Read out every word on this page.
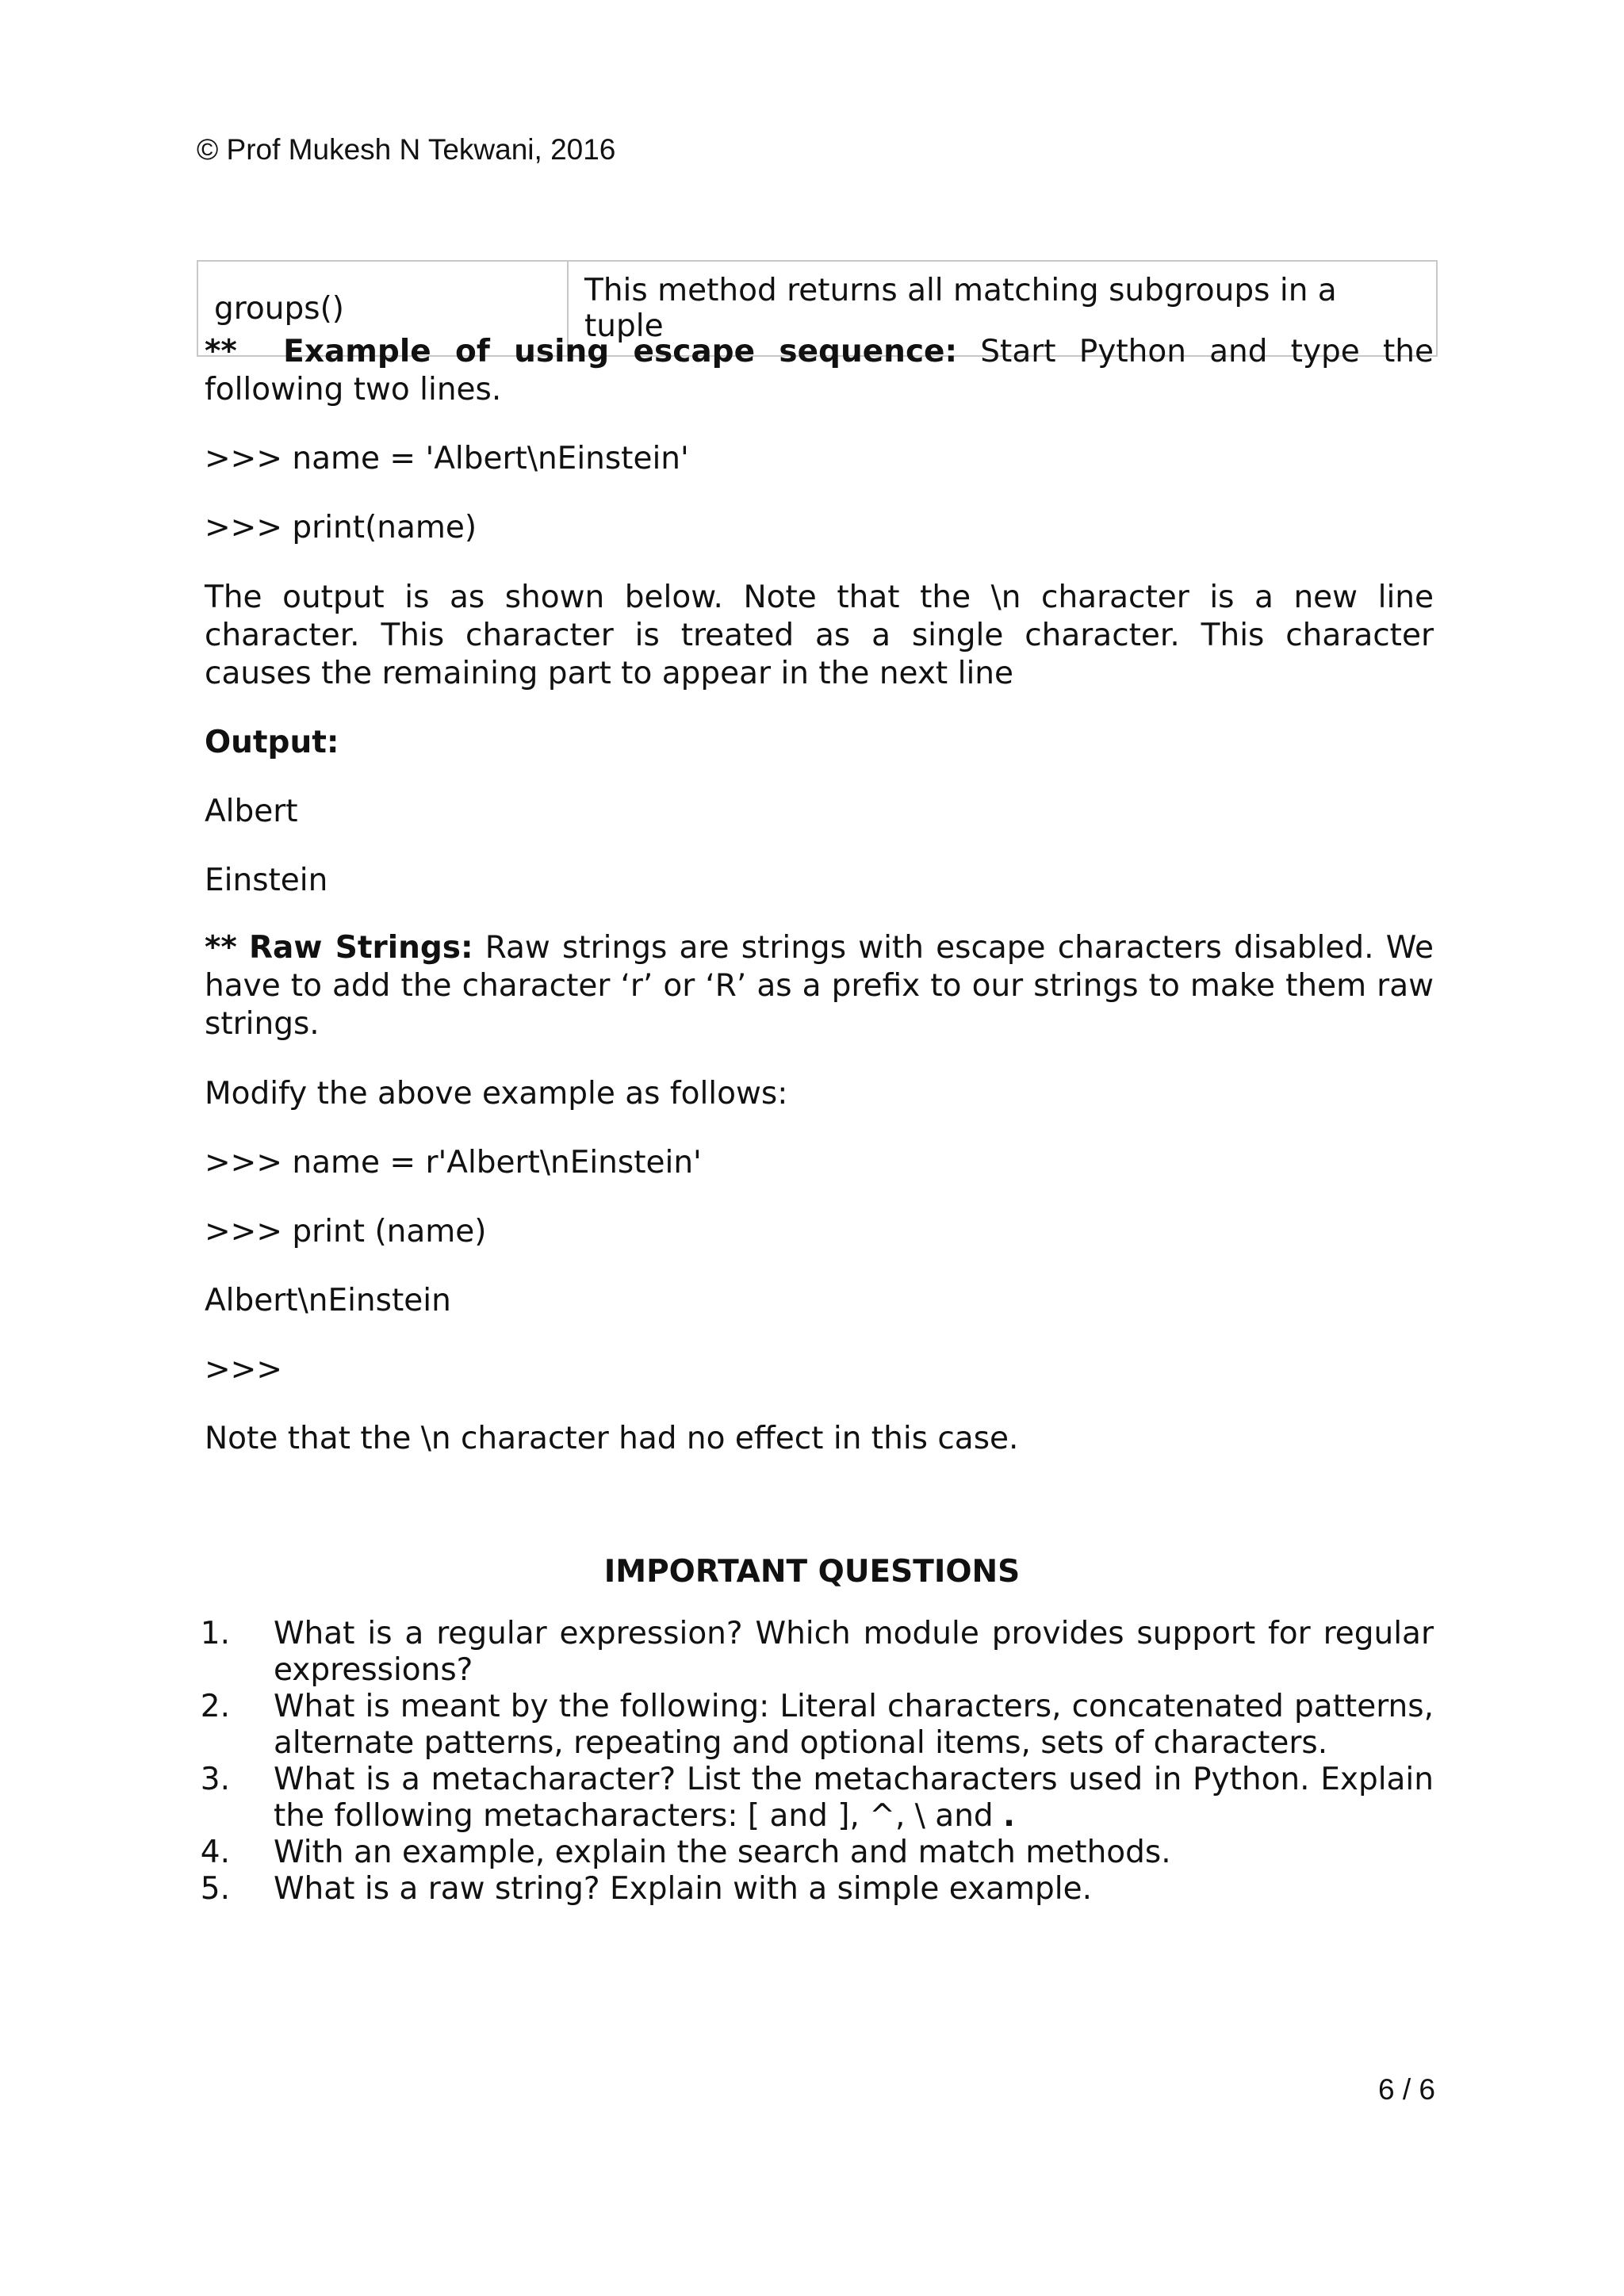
© Prof Mukesh N Tekwani, 2016
groups()	This method returns all matching subgroups in a tuple
** Example of using escape sequence: Start Python and type the following two lines.
>>> name = 'Albert\nEinstein'
>>> print(name)
The output is as shown below. Note that the \n character is a new line character. This character is treated as a single character. This character causes the remaining part to appear in the next line
Output:
Albert
Einstein
** Raw Strings: Raw strings are strings with escape characters disabled. We have to add the character ‘r’ or ‘R’ as a prefix to our strings to make them raw strings.
Modify the above example as follows:
>>> name = r'Albert\nEinstein'
>>> print (name)
Albert\nEinstein
>>>
Note that the \n character had no effect in this case.
IMPORTANT QUESTIONS
1. What is a regular expression? Which module provides support for regular expressions?
2. What is meant by the following: Literal characters, concatenated patterns, alternate patterns, repeating and optional items, sets of characters.
3. What is a metacharacter? List the metacharacters used in Python. Explain the following metacharacters: [ and ], ^, \ and .
4. With an example, explain the search and match methods.
5. What is a raw string? Explain with a simple example.
6 / 6
